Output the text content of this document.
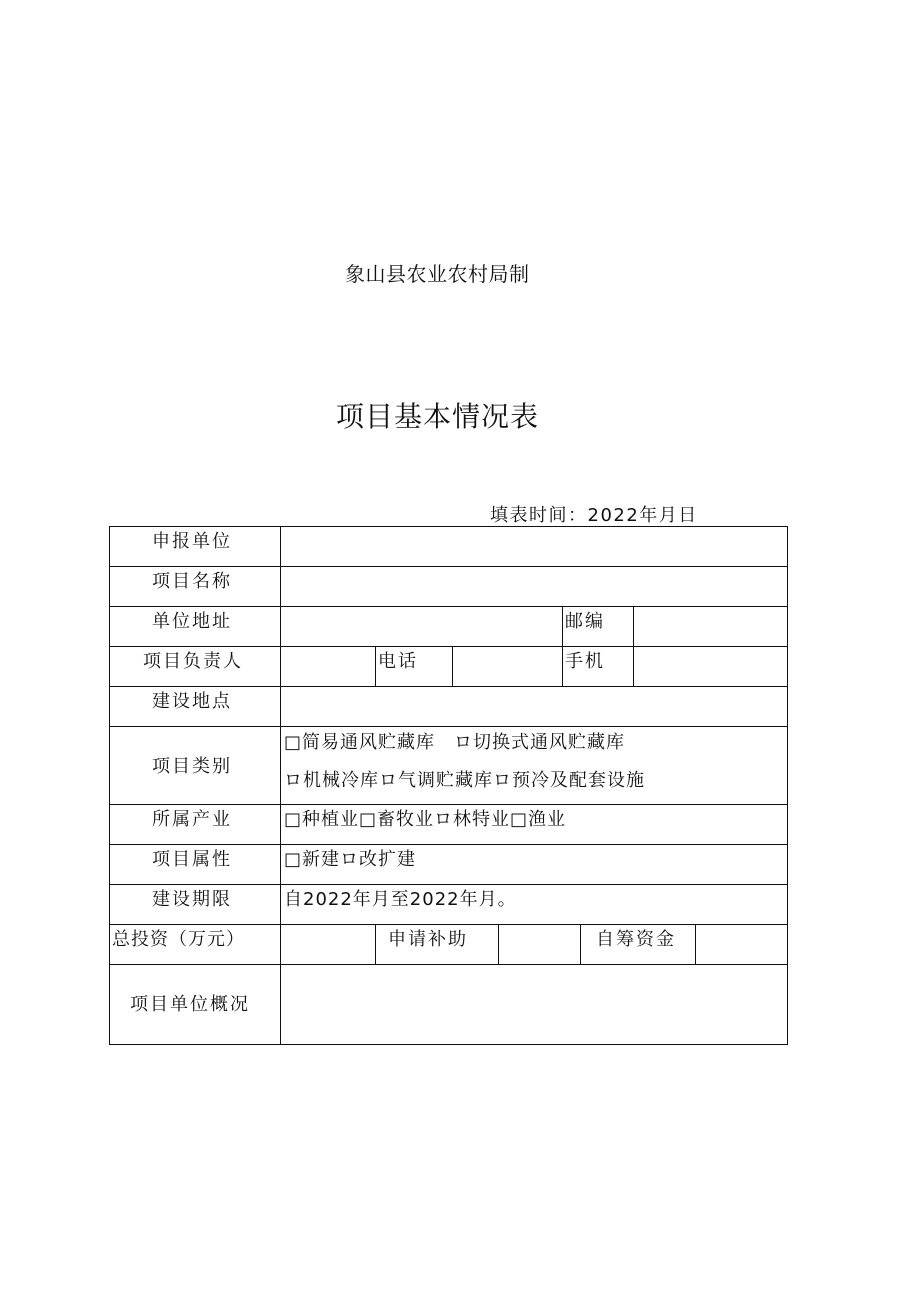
象山县农业农村局制
项目基本情况表
填表时间：2022年月日
申报单位
项目名称
单位地址	邮编
项目负责人	电话	手机
建设地点
项目类别
□简易通风贮藏库　ロ切换式通风贮藏库
ロ机械冷库ロ气调贮藏库ロ预冷及配套设施
所属产业	□种植业□畜牧业ロ林特业□渔业
项目属性	□新建ロ改扩建
建设期限	自2022年月至2022年月。
总投资（万元）	申请补助	自筹资金
项目单位概况
